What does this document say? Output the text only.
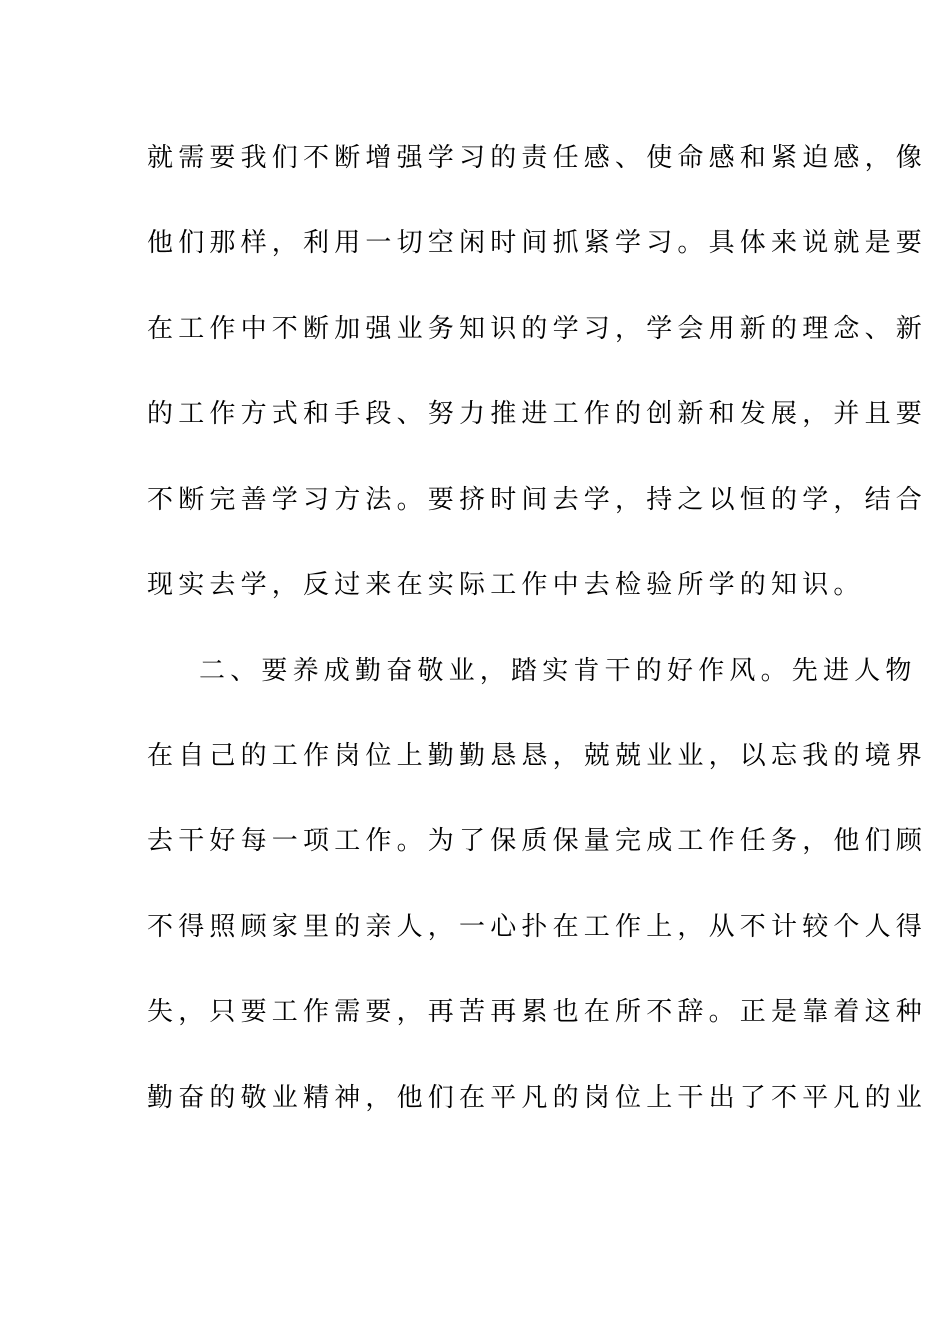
就需要我们不断增强学习的责任感、使命感和紧迫感，像
他们那样，利用一切空闲时间抓紧学习。具体来说就是要
在工作中不断加强业务知识的学习，学会用新的理念、新
的工作方式和手段、努力推进工作的创新和发展，并且要
不断完善学习方法。要挤时间去学，持之以恒的学，结合
现实去学，反过来在实际工作中去检验所学的知识。
二、要养成勤奋敬业，踏实肯干的好作风。先进人物
在自己的工作岗位上勤勤恳恳，兢兢业业，以忘我的境界
去干好每一项工作。为了保质保量完成工作任务，他们顾
不得照顾家里的亲人，一心扑在工作上，从不计较个人得
失，只要工作需要，再苦再累也在所不辞。正是靠着这种
勤奋的敬业精神，他们在平凡的岗位上干出了不平凡的业
